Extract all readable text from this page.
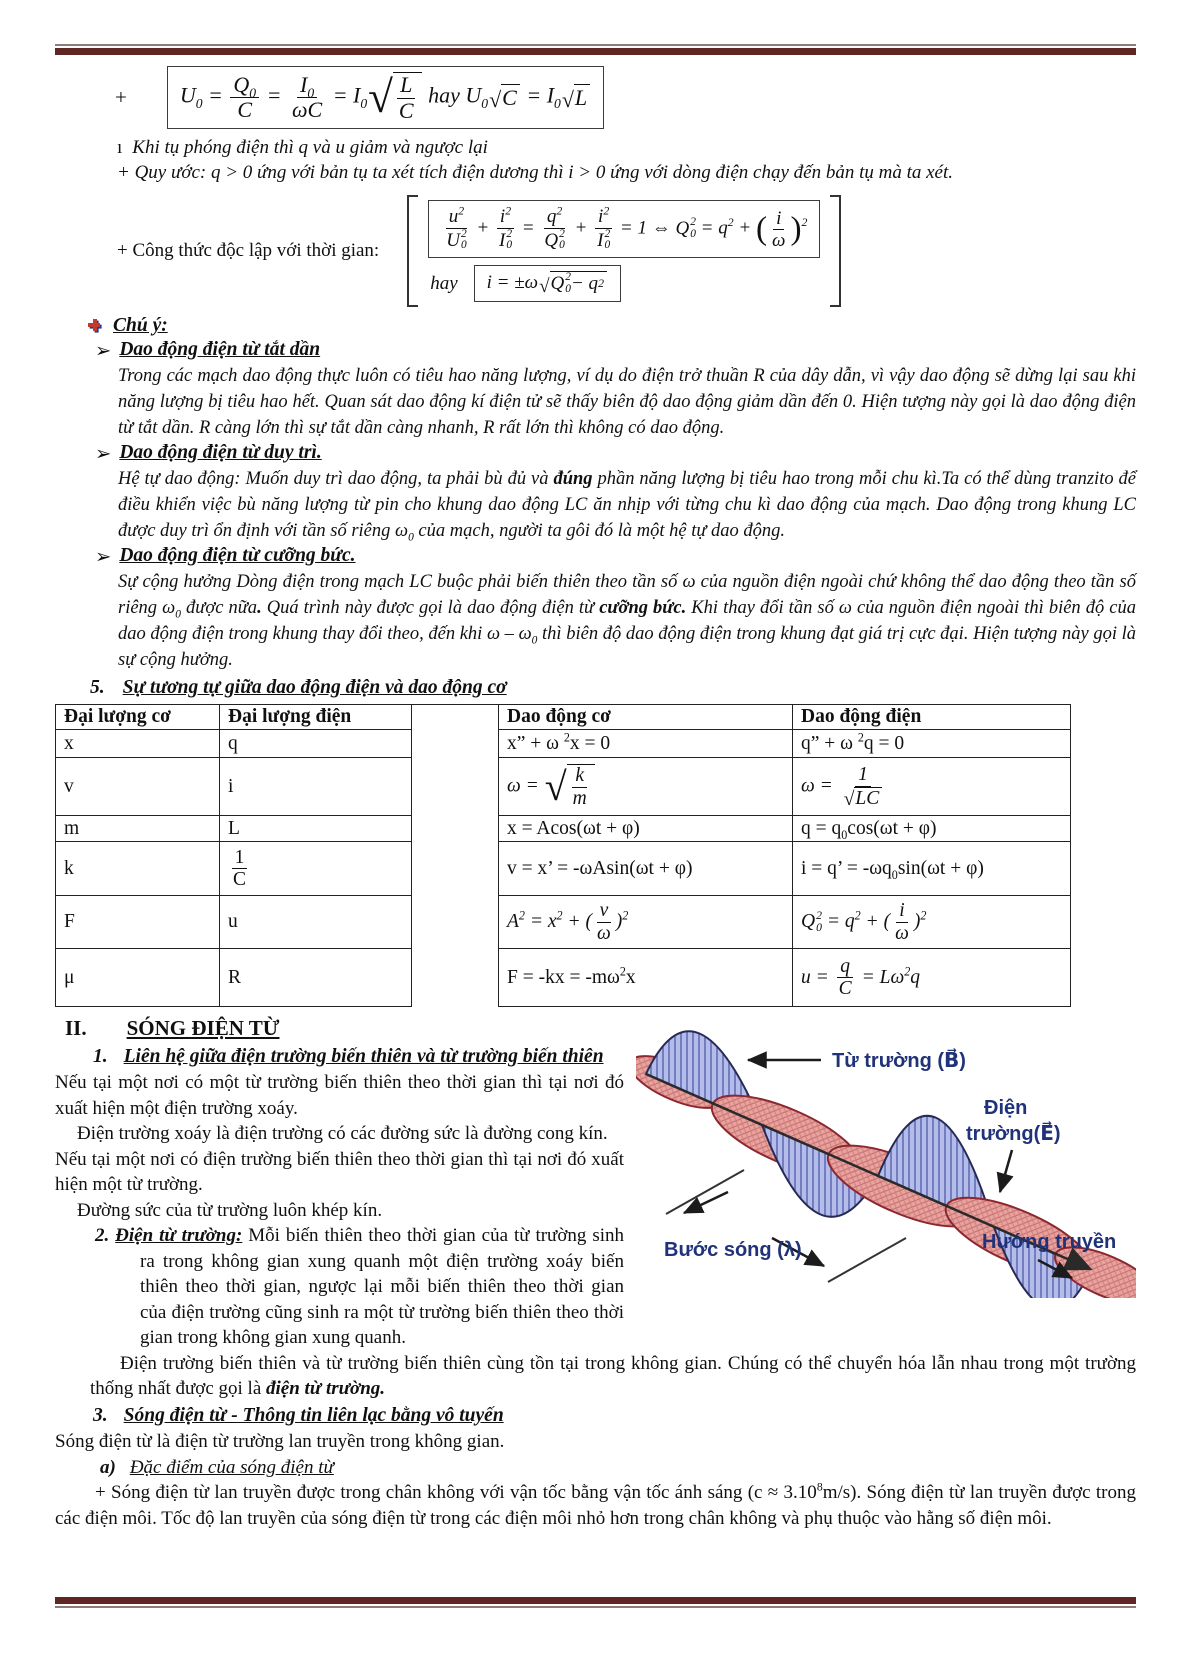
+	$U_0 = \frac{Q_0}{C} = \frac{I_0}{\omega C} = I_0$ √ $\frac{L}{C}$ hay $U_0$ √ $C = I_0$ √ L
ı Khi tụ phóng điện thì q và u giảm và ngược lại
+ Quy ước: q > 0 ứng với bản tụ ta xét tích điện dương thì i > 0 ứng với dòng điện chạy đến bản tụ mà ta xét.
+ Công thức độc lập với thời gian:	$u^2$
U 2
$0 + i^2$
I 2
$0 = q^2$
Q 2
$0 + i^2$
I 2
0 = 1 ⇔ Q 2
$0 = q^2$ + ( $\frac{i}{\omega} )^2$
hay	i = ±ω √ Q 2
0 − q 2
Chú ý:
➢ Dao động điện từ tắt dần
Trong các mạch dao động thực luôn có tiêu hao năng lượng, ví dụ do điện trở thuần R của dây dẫn, vì vậy dao động sẽ dừng lại sau khi năng lượng bị tiêu hao hết. Quan sát dao động kí điện tử sẽ thấy biên độ dao động giảm dần đến 0. Hiện tượng này gọi là dao động điện từ tắt dần. R càng lớn thì sự tắt dần càng nhanh, R rất lớn thì không có dao động.
➢ Dao động điện từ duy trì.
Hệ tự dao động: Muốn duy trì dao động, ta phải bù đủ và đúng phần năng lượng bị tiêu hao trong mỗi chu kì.Ta có thể dùng tranzito để điều khiển việc bù năng lượng từ pin cho khung dao động LC ăn nhịp với từng chu kì dao động của mạch. Dao động trong khung LC được duy trì ổn định với tần số riêng $\omega_0$ của mạch, người ta gôi đó là một hệ tự dao động.
➢ Dao động điện từ cưỡng bức.
Sự cộng hưởng Dòng điện trong mạch LC buộc phải biến thiên theo tần số ω của nguồn điện ngoài chứ không thể dao động theo tần số riêng $\omega_0$ được nữa. Quá trình này được gọi là dao động điện từ cưỡng bức. Khi thay đổi tần số ω của nguồn điện ngoài thì biên độ của dao động điện trong khung thay đổi theo, đến khi ω – $\omega_0$ thì biên độ dao động điện trong khung đạt giá trị cực đại. Hiện tượng này gọi là sự cộng hưởng.
5. Sự tương tự giữa dao động điện và dao động cơ
Đại lượng cơ	Đại lượng điện
x	q
v	i
m	L
k	$\frac{1}{C}$

F	u
μ	R
Dao động cơ	Dao động điện
x” + ω $^2$x = 0	q” + ω $^2$q = 0
ω = √ $\frac{k}{m}$	$\omega = \frac{1}{√ LC}$

x = Acos(ωt + φ)	$q = q_0\cos(\omega t + \varphi)$
v = x’ = -ωAsin(ωt + φ)	i = q’ = $-\omega q_0\sin(\omega t + \varphi)$
$A^2 = x^2$ + ( $\frac{v}{\omega} )^2$	Q 2
$0 = q^2$ + ( $\frac{i}{\omega} )^2$
$F = -kx = -m\omega^2x$	$u = \frac{q}{C} = L\omega^2q$
Từ trường (B⃗)
Điện
trường(E⃗)
Bước sóng (λ)	Hướng truyền
II. SÓNG ĐIỆN TỪ
1. Liên hệ giữa điện trường biến thiên và từ trường biến thiên

Nếu tại một nơi có một từ trường biến thiên theo thời gian thì tại nơi đó xuất hiện một điện trường xoáy.

Điện trường xoáy là điện trường có các đường sức là đường cong kín.

Nếu tại một nơi có điện trường biến thiên theo thời gian thì tại nơi đó xuất hiện một từ trường.

Đường sức của từ trường luôn khép kín.

2. Điện từ trường: Mỗi biến thiên theo thời gian của từ trường sinh ra trong không gian xung quanh một điện trường xoáy biến thiên theo thời gian, ngược lại mỗi biến thiên theo thời gian của điện trường cũng sinh ra một từ trường biến thiên theo thời gian trong không gian xung quanh.

Điện trường biến thiên và từ trường biến thiên cùng tồn tại trong không gian. Chúng có thể chuyển hóa lẫn nhau trong một trường thống nhất được gọi là điện từ trường.

3. Sóng điện từ - Thông tin liên lạc bằng vô tuyến

Sóng điện từ là điện từ trường lan truyền trong không gian.

a) Đặc điểm của sóng điện từ
+ Sóng điện từ lan truyền được trong chân không với vận tốc bằng vận tốc ánh sáng $(c \approx 3.10^8m/s)$. Sóng điện từ lan truyền được trong các điện môi. Tốc độ lan truyền của sóng điện từ trong các điện môi nhỏ hơn trong chân không và phụ thuộc vào hằng số điện môi.
